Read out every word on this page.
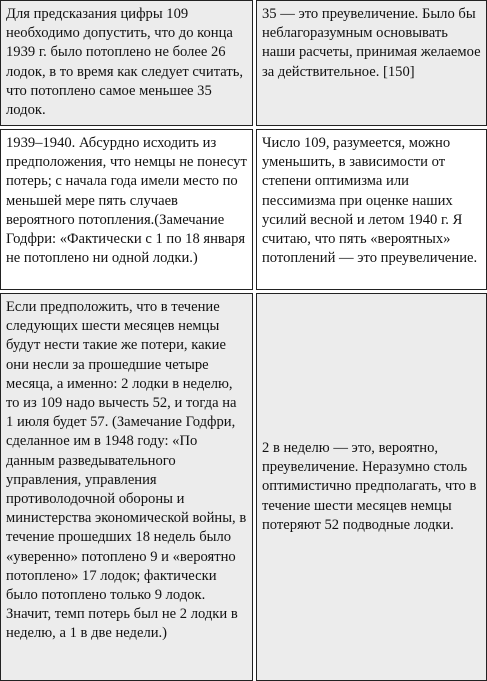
Для предсказания цифры 109 необходимо допустить, что до конца 1939 г. было потоплено не более 26 лодок, в то время как следует считать, что потоплено самое меньшее 35 лодок.
35 — это преувеличение. Было бы неблагоразумным основывать наши расчеты, принимая желаемое за действительное. [150]
1939–1940. Абсурдно исходить из предположения, что немцы не понесут потерь; с начала года имели место по меньшей мере пять случаев вероятного потопления.(Замечание Годфри: «Фактически с 1 по 18 января не потоплено ни одной лодки.)
Число 109, разумеется, можно уменьшить, в зависимости от степени оптимизма или пессимизма при оценке наших усилий весной и летом 1940 г. Я считаю, что пять «вероятных» потоплений — это преувеличение.
Если предположить, что в течение следующих шести месяцев немцы будут нести такие же потери, какие они несли за прошедшие четыре месяца, а именно: 2 лодки в неделю, то из 109 надо вычесть 52, и тогда на 1 июля будет 57. (Замечание Годфри, сделанное им в 1948 году: «По данным разведывательного управления, управления противолодочной обороны и министерства экономической войны, в течение прошедших 18 недель было «уверенно» потоплено 9 и «вероятно потоплено» 17 лодок; фактически было потоплено только 9 лодок. Значит, темп потерь был не 2 лодки в неделю, а 1 в две недели.)
2 в неделю — это, вероятно, преувеличение. Неразумно столь оптимистично предполагать, что в течение шести месяцев немцы потеряют 52 подводные лодки.
